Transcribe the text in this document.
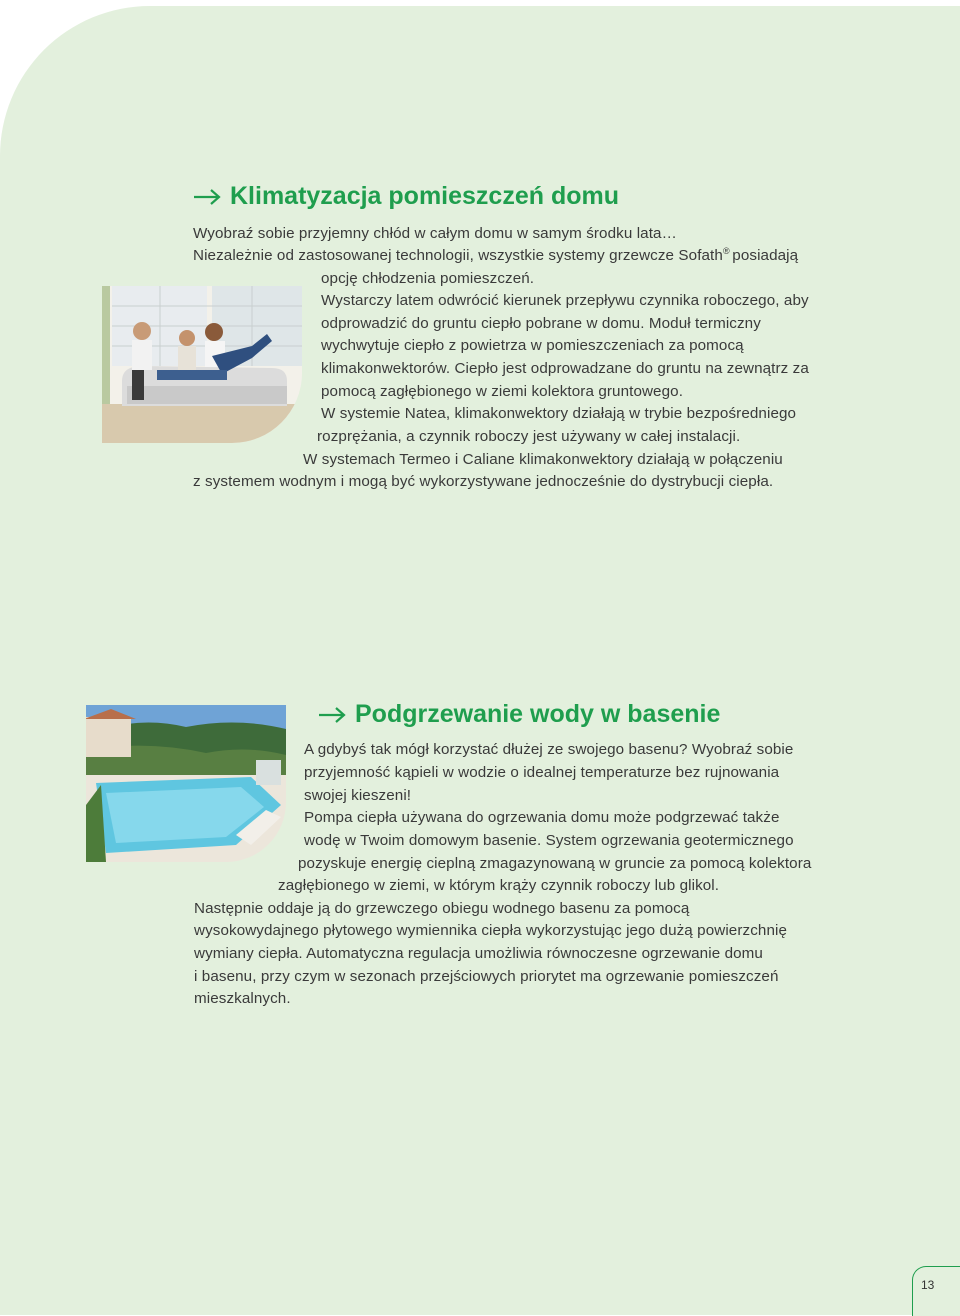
Klimatyzacja pomieszczeń domu
Wyobraź sobie przyjemny chłód w całym domu w samym środku lata…
Niezależnie od zastosowanej technologii, wszystkie systemy grzewcze Sofath® posiadają
opcję chłodzenia pomieszczeń.
Wystarczy latem odwrócić kierunek przepływu czynnika roboczego, aby
odprowadzić do gruntu ciepło pobrane w domu. Moduł termiczny
wychwytuje ciepło z powietrza w pomieszczeniach za pomocą
klimakonwektorów. Ciepło jest odprowadzane do gruntu na zewnątrz za
pomocą zagłębionego w ziemi kolektora gruntowego.
W systemie Natea, klimakonwektory działają w trybie bezpośredniego
rozprężania, a czynnik roboczy jest używany w całej instalacji.
W systemach Termeo i Caliane klimakonwektory działają w połączeniu
z systemem wodnym i mogą być wykorzystywane jednocześnie do dystrybucji ciepła.
Podgrzewanie wody w basenie
A gdybyś tak mógł korzystać dłużej ze swojego basenu? Wyobraź sobie
przyjemność kąpieli w wodzie o idealnej temperaturze bez rujnowania
swojej kieszeni!
Pompa ciepła używana do ogrzewania domu może podgrzewać także
wodę w Twoim domowym basenie. System ogrzewania geotermicznego
pozyskuje energię cieplną zmagazynowaną w gruncie za pomocą kolektora
zagłębionego w ziemi, w którym krąży czynnik roboczy lub glikol.
Następnie oddaje ją do grzewczego obiegu wodnego basenu za pomocą
wysokowydajnego płytowego wymiennika ciepła wykorzystując jego dużą powierzchnię
wymiany ciepła. Automatyczna regulacja umożliwia równoczesne ogrzewanie domu
i basenu, przy czym w sezonach przejściowych priorytet ma ogrzewanie pomieszczeń
mieszkalnych.
13
